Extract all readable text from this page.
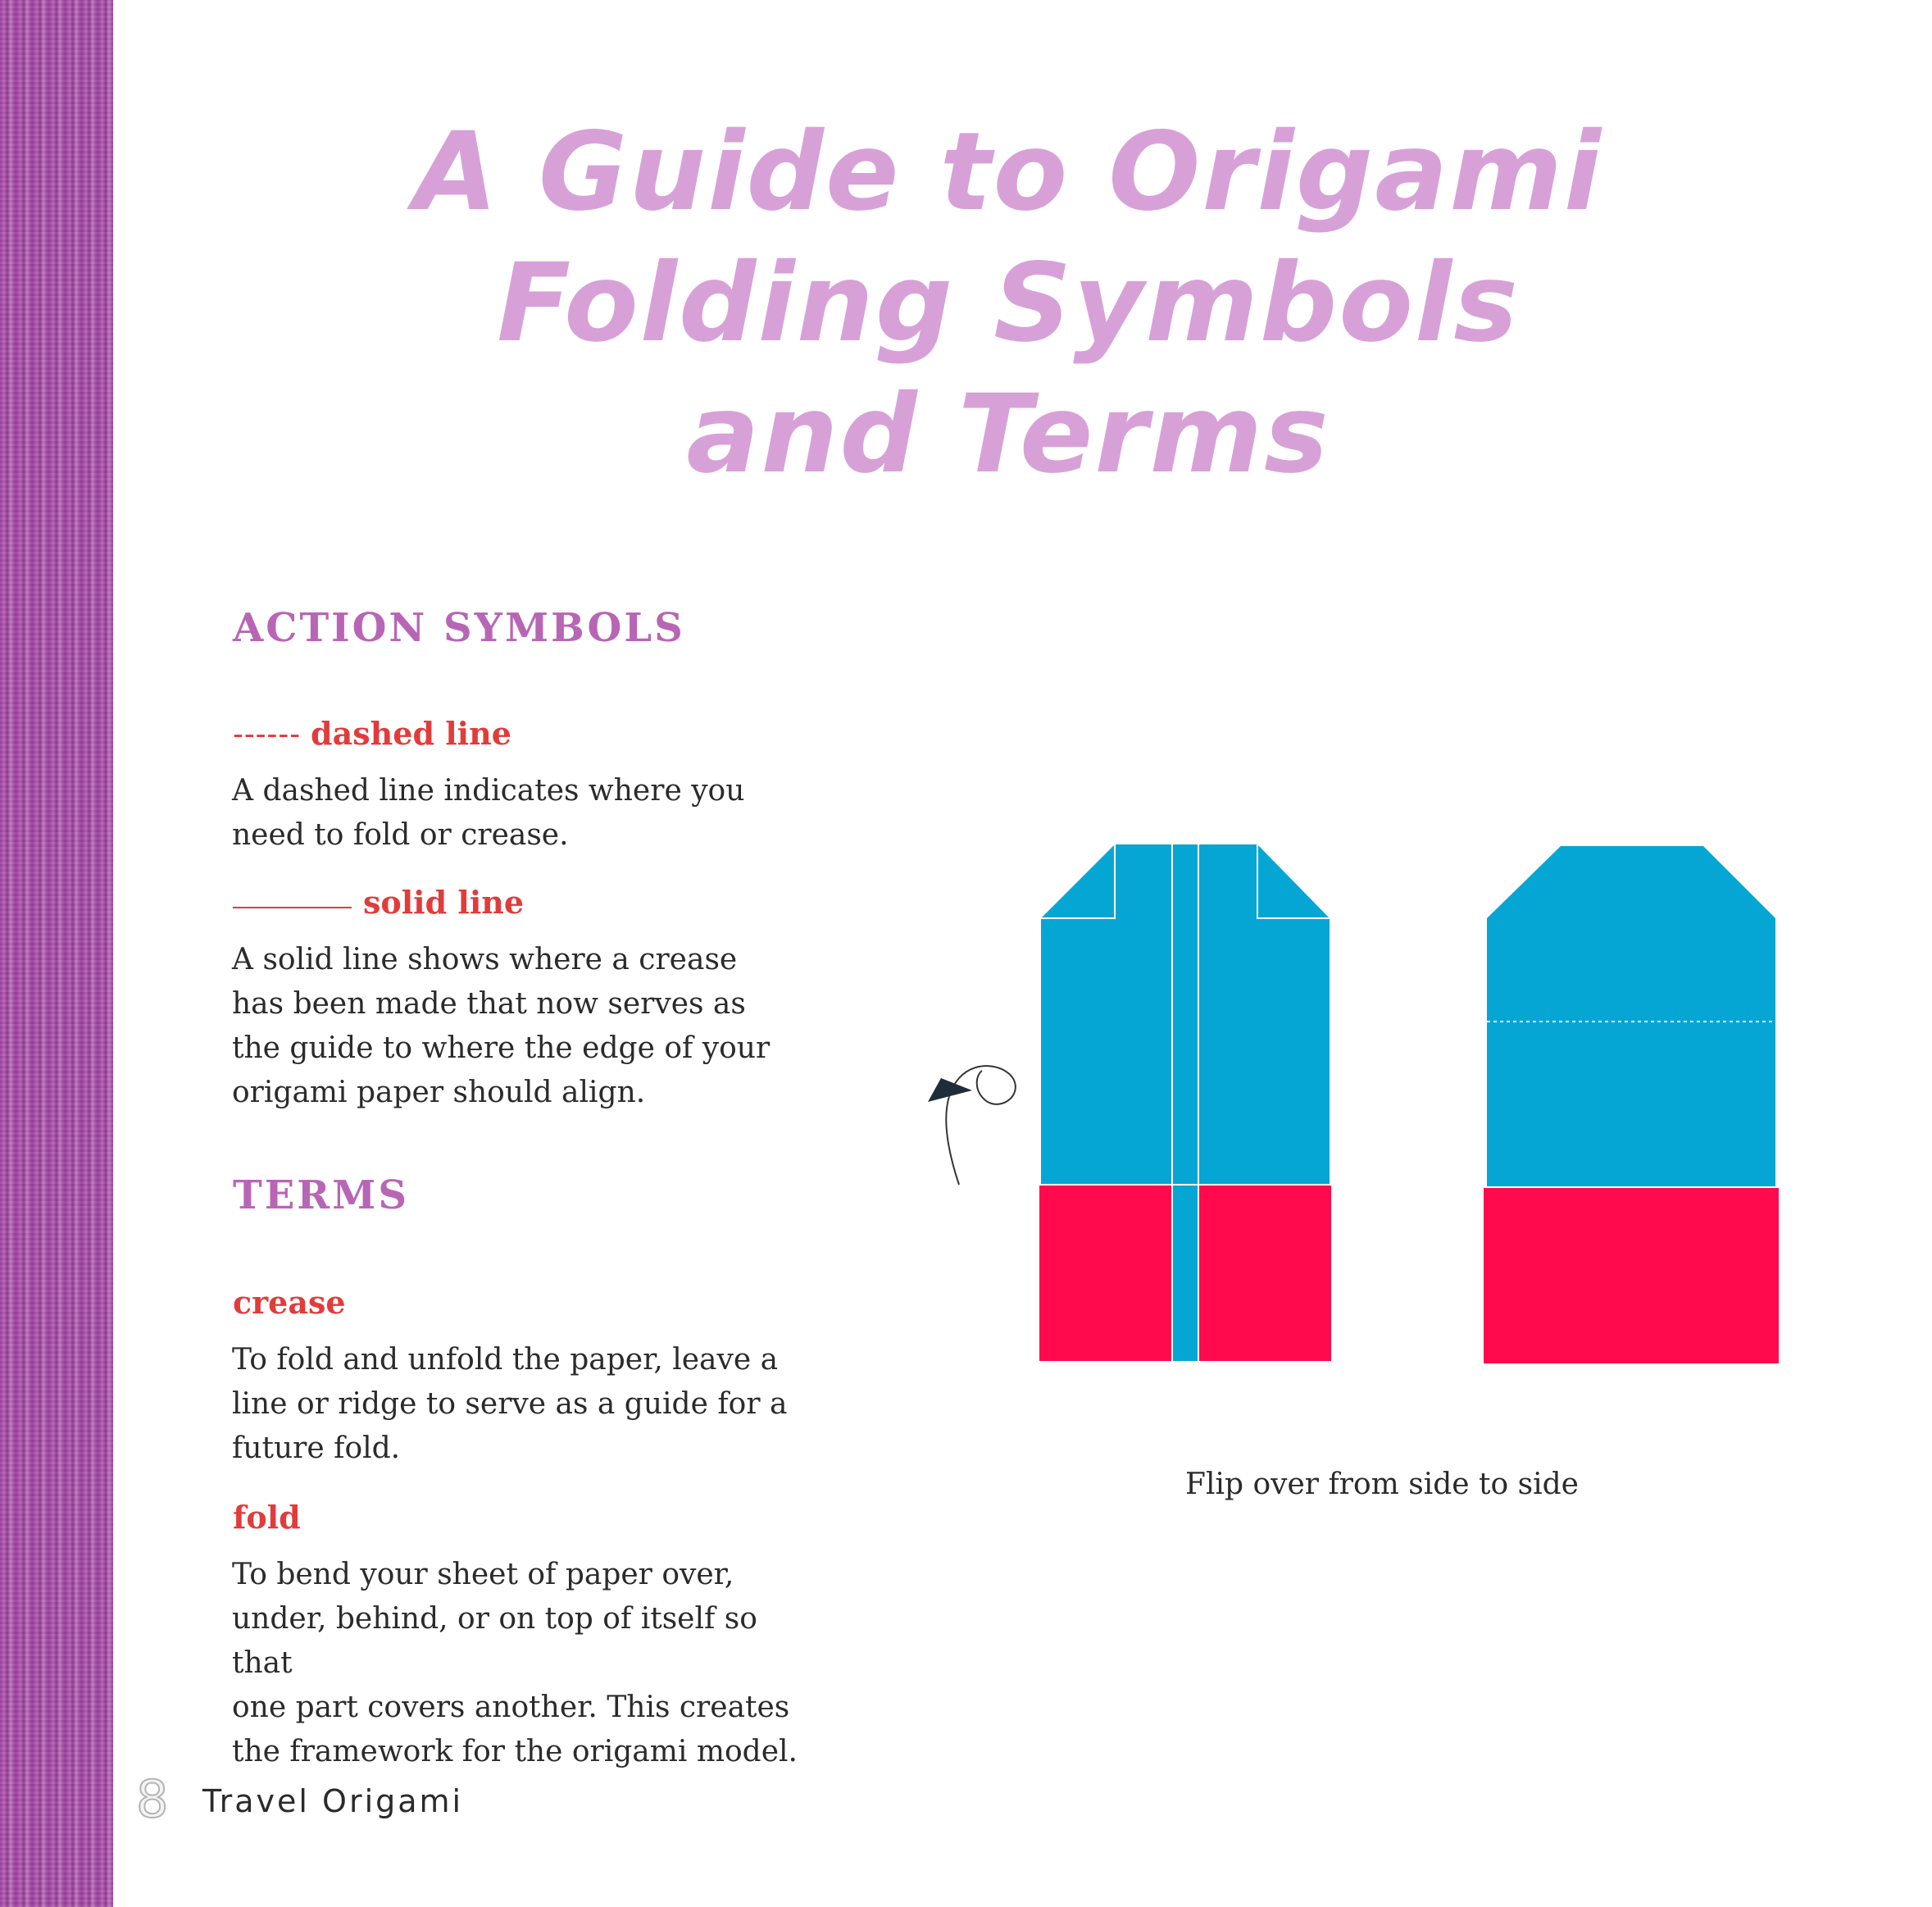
A Guide to Origami
Folding Symbols
and Terms
ACTION SYMBOLS
------ dashed line
A dashed line indicates where you
need to fold or crease.
solid line
A solid line shows where a crease
has been made that now serves as
the guide to where the edge of your
origami paper should align.
TERMS
crease
To fold and unfold the paper, leave a
line or ridge to serve as a guide for a
future fold.
fold
To bend your sheet of paper over,
under, behind, or on top of itself so that
one part covers another. This creates
the framework for the origami model.
Flip over from side to side
8 Travel Origami
